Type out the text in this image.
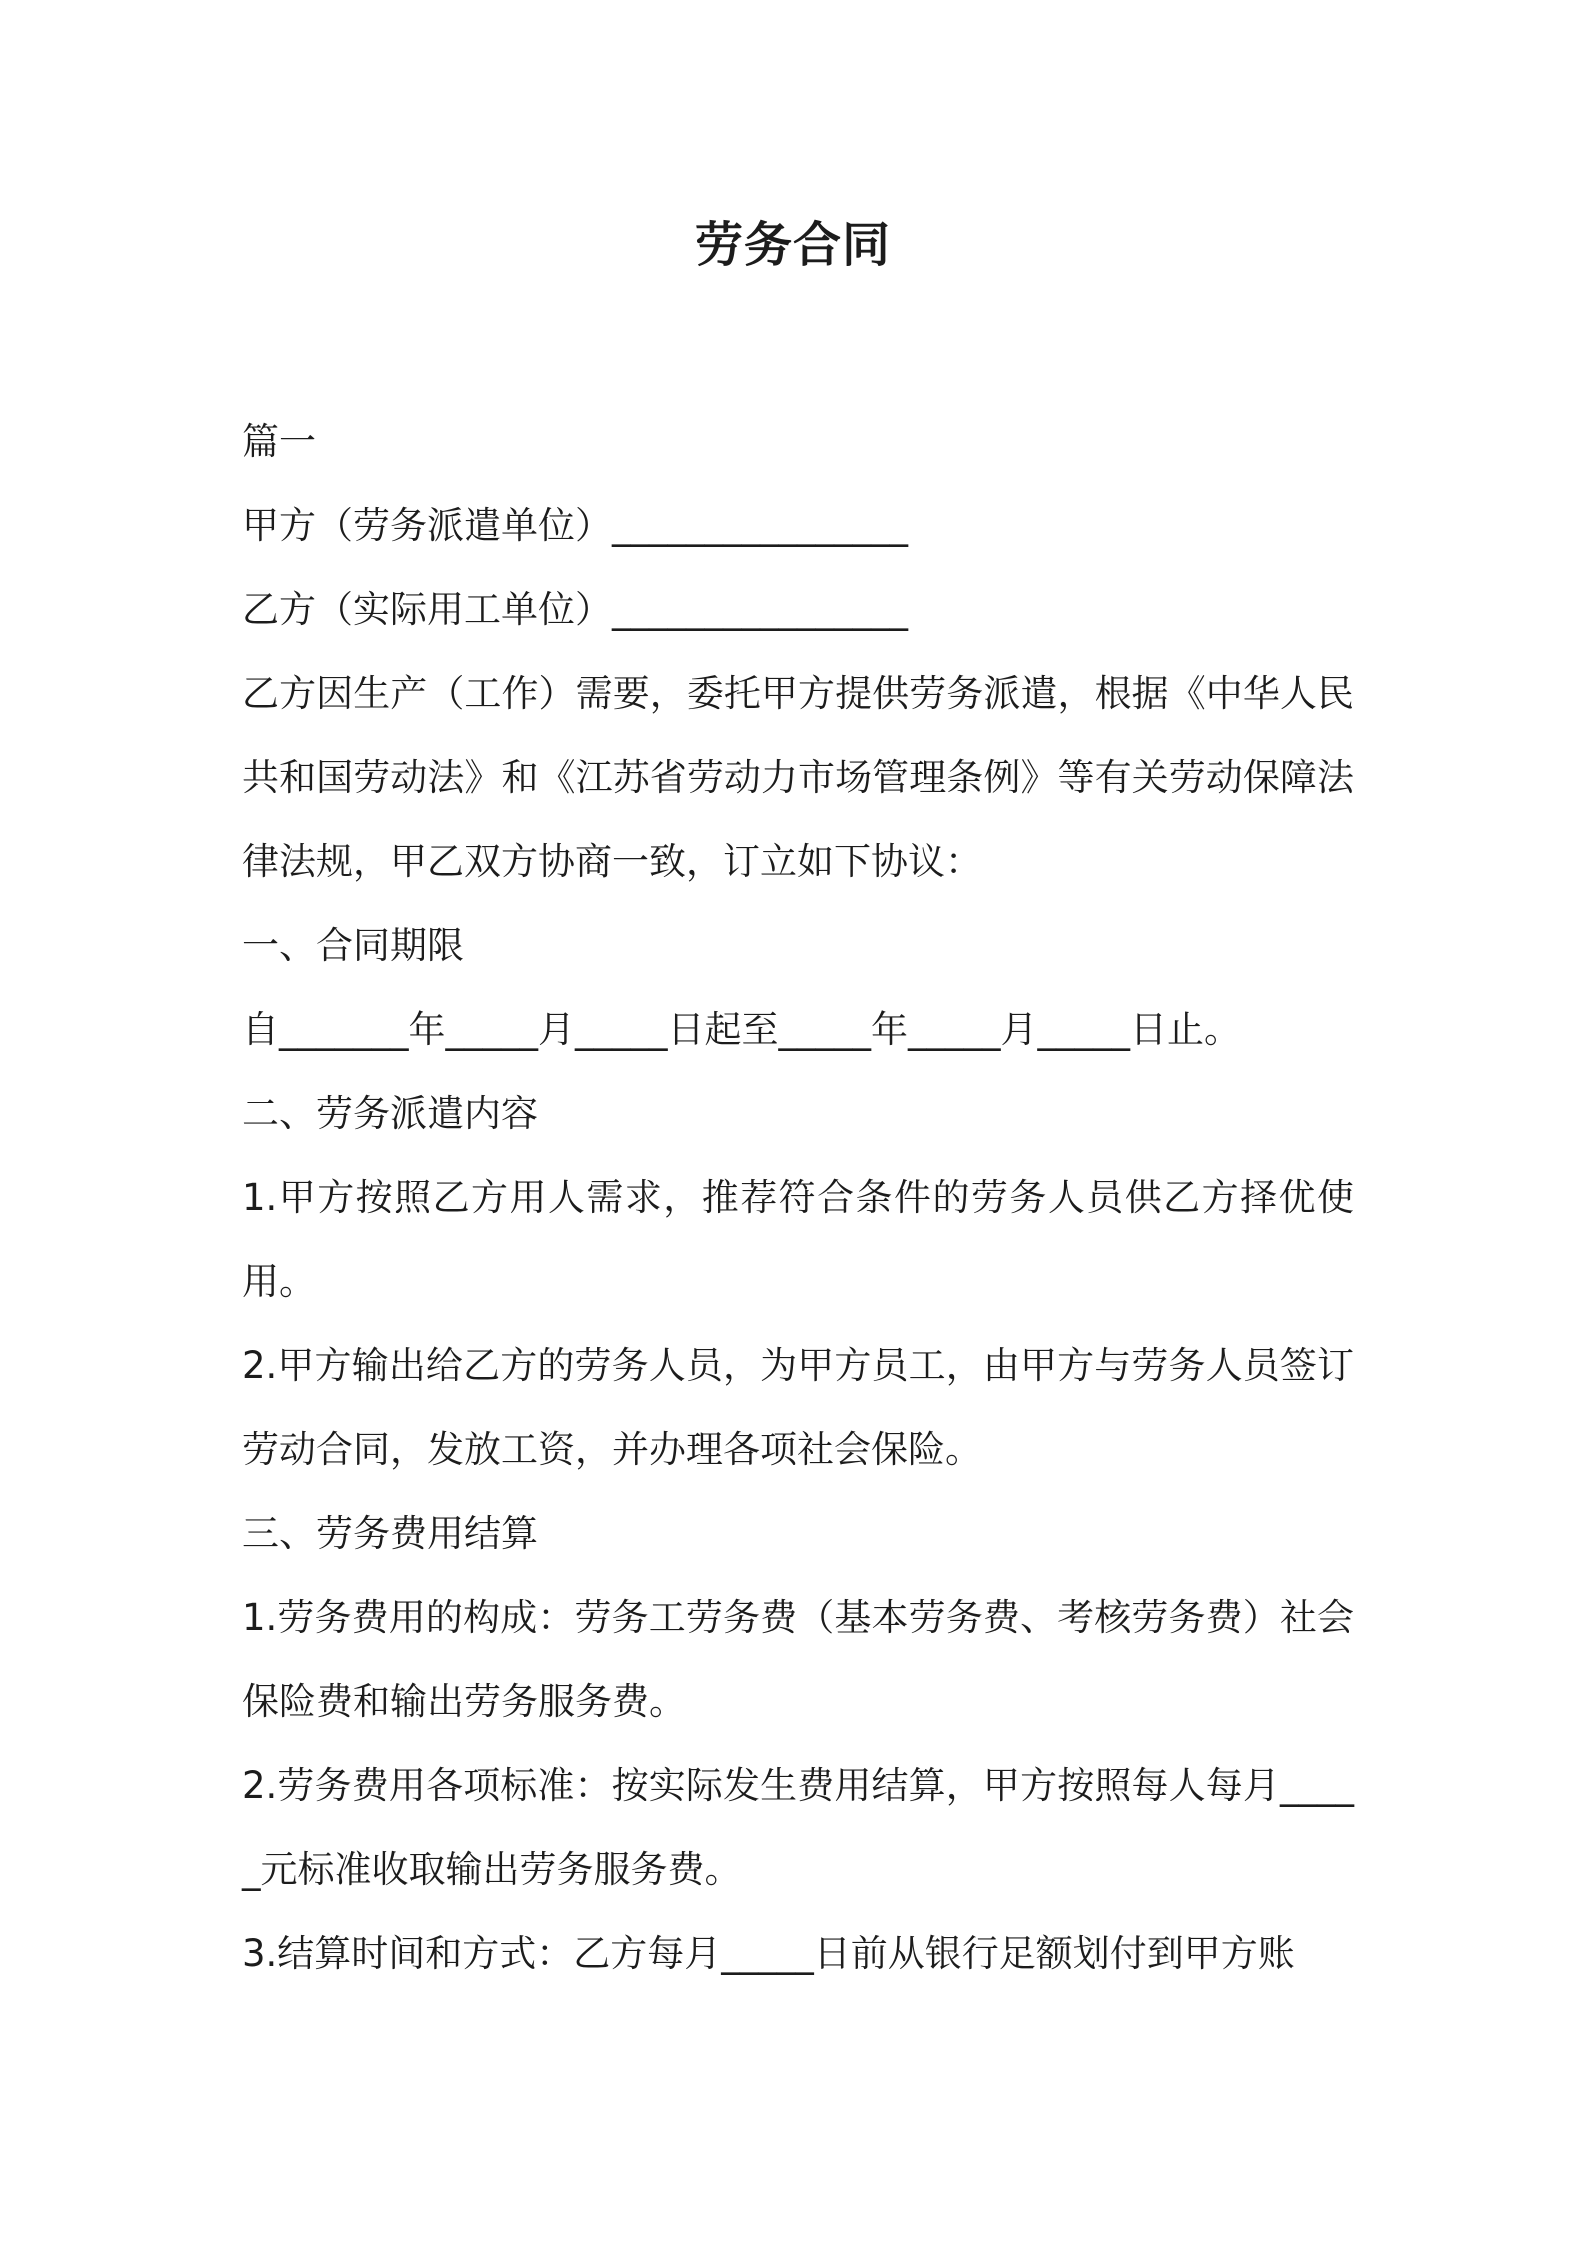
劳务合同
篇一
甲方（劳务派遣单位）________________
乙方（实际用工单位）________________
乙方因生产（工作）需要，委托甲方提供劳务派遣，根据《中华人民共和国劳动法》和《江苏省劳动力市场管理条例》等有关劳动保障法律法规，甲乙双方协商一致，订立如下协议：
一、合同期限
自_______年_____月_____日起至_____年_____月_____日止。
二、劳务派遣内容
1.甲方按照乙方用人需求，推荐符合条件的劳务人员供乙方择优使用。
2.甲方输出给乙方的劳务人员，为甲方员工，由甲方与劳务人员签订劳动合同，发放工资，并办理各项社会保险。
三、劳务费用结算
1.劳务费用的构成：劳务工劳务费（基本劳务费、考核劳务费）社会保险费和输出劳务服务费。
2.劳务费用各项标准：按实际发生费用结算，甲方按照每人每月_____元标准收取输出劳务服务费。
3.结算时间和方式：乙方每月_____日前从银行足额划付到甲方账
